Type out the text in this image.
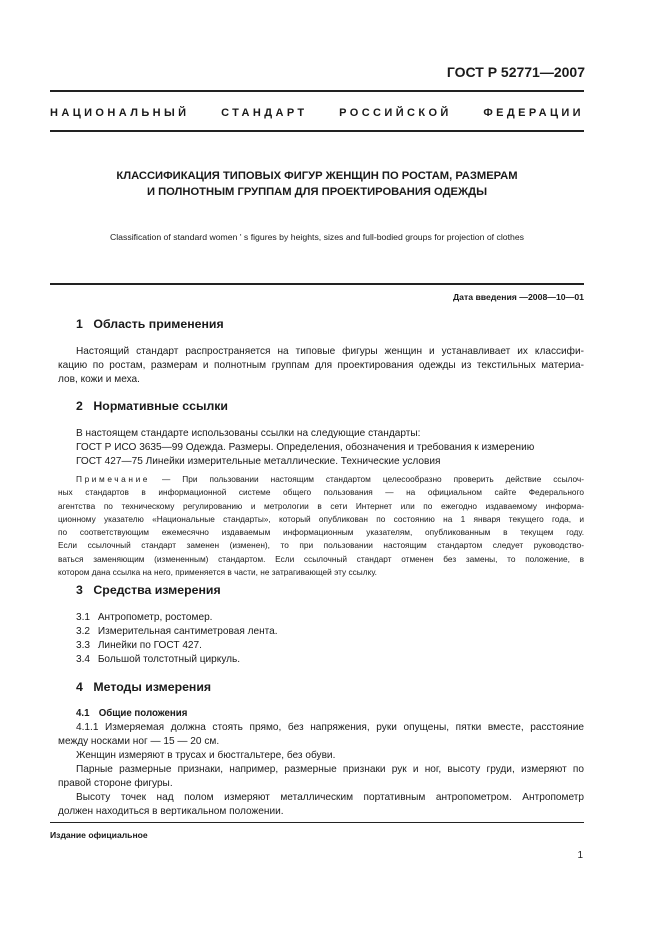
ГОСТ Р 52771—2007
НАЦИОНАЛЬНЫЙ СТАНДАРТ РОССИЙСКОЙ ФЕДЕРАЦИИ
КЛАССИФИКАЦИЯ ТИПОВЫХ ФИГУР ЖЕНЩИН ПО РОСТАМ, РАЗМЕРАМ
И ПОЛНОТНЫМ ГРУППАМ ДЛЯ ПРОЕКТИРОВАНИЯ ОДЕЖДЫ
Classification of standard women ' s figures by heights, sizes and full-bodied groups for projection of clothes
Дата введения —2008—10—01
1 Область применения
Настоящий стандарт распространяется на типовые фигуры женщин и устанавливает их классифи-
кацию по ростам, размерам и полнотным группам для проектирования одежды из текстильных материа-
лов, кожи и меха.
2 Нормативные ссылки
В настоящем стандарте использованы ссылки на следующие стандарты:
ГОСТ Р ИСО 3635—99 Одежда. Размеры. Определения, обозначения и требования к измерению
ГОСТ 427—75 Линейки измерительные металлические. Технические условия
Примечание — При пользовании настоящим стандартом целесообразно проверить действие ссылоч-
ных стандартов в информационной системе общего пользования — на официальном сайте Федерального
агентства по техническому регулированию и метрологии в сети Интернет или по ежегодно издаваемому информа-
ционному указателю «Национальные стандарты», который опубликован по состоянию на 1 января текущего года, и
по соответствующим ежемесячно издаваемым информационным указателям, опубликованным в текущем году.
Если ссылочный стандарт заменен (изменен), то при пользовании настоящим стандартом следует руководство-
ваться заменяющим (измененным) стандартом. Если ссылочный стандарт отменен без замены, то положение, в
котором дана ссылка на него, применяется в части, не затрагивающей эту ссылку.
3 Средства измерения
3.1 Антропометр, ростомер.
3.2 Измерительная сантиметровая лента.
3.3 Линейки по ГОСТ 427.
3.4 Большой толстотный циркуль.
4 Методы измерения
4.1 Общие положения
4.1.1 Измеряемая должна стоять прямо, без напряжения, руки опущены, пятки вместе, расстояние
между носками ног — 15 — 20 см.
Женщин измеряют в трусах и бюстгальтере, без обуви.
Парные размерные признаки, например, размерные признаки рук и ног, высоту груди, измеряют по
правой стороне фигуры.
Высоту точек над полом измеряют металлическим портативным антропометром. Антропометр
должен находиться в вертикальном положении.
Издание официальное
1
